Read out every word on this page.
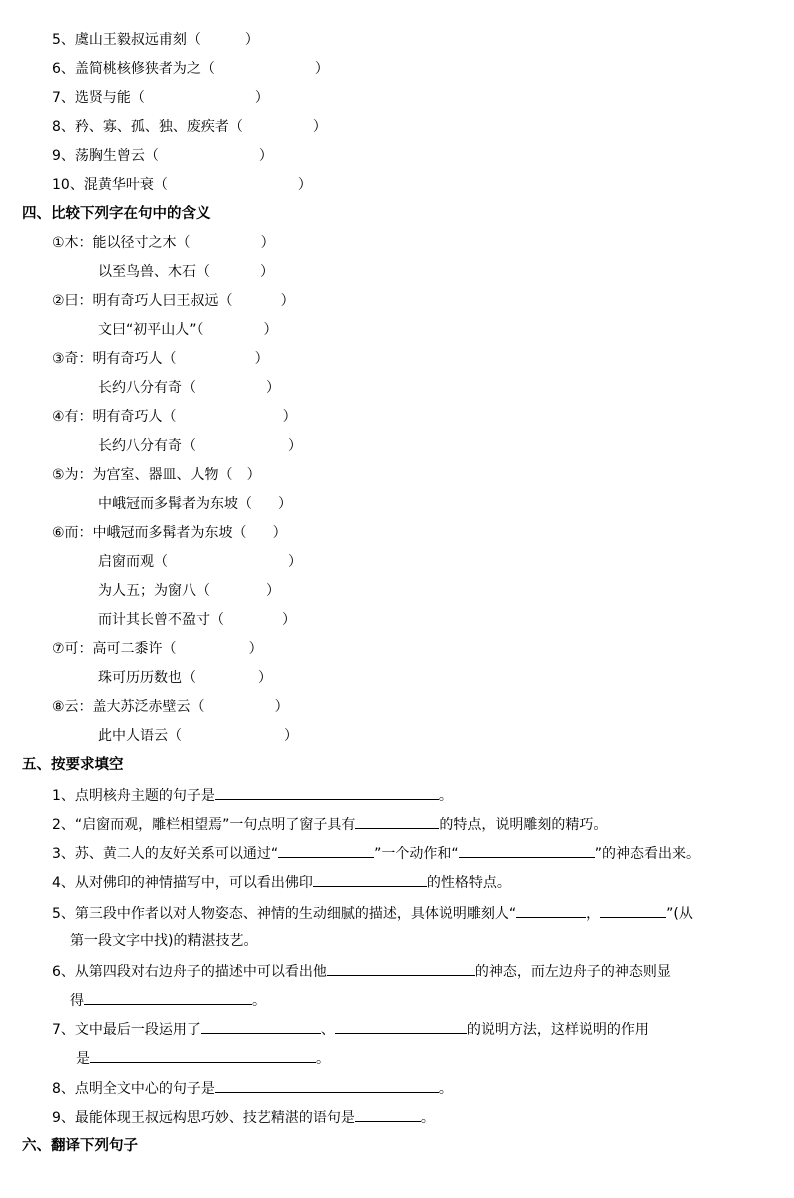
5、虞山王毅叔远甫刻（	）
6、盖简桃核修狭者为之（	）
7、选贤与能（	）
8、矜、寡、孤、独、废疾者（	）
9、荡胸生曾云（	）
10、混黄华叶衰（	）
四、比较下列字在句中的含义
①木：能以径寸之木（	）
以至鸟兽、木石（	）
②曰：明有奇巧人曰王叔远（	）
文曰“初平山人”（	）
③奇：明有奇巧人（	）
长约八分有奇（	）
④有：明有奇巧人（	）
长约八分有奇（	）
⑤为：为宫室、器皿、人物（ ）
中峨冠而多髯者为东坡（ ）
⑥而：中峨冠而多髯者为东坡（ ）
启窗而观（	）
为人五；为窗八（	）
而计其长曾不盈寸（	）
⑦可：高可二黍许（	）
珠可历历数也（	）
⑧云：盖大苏泛赤壁云（	）
此中人语云（	）
五、按要求填空
1、点明核舟主题的句子是	。
2、“启窗而观，雕栏相望焉”一句点明了窗子具有	的特点，说明雕刻的精巧。
3、苏、黄二人的友好关系可以通过“	”一个动作和“	”的神态看出来。
4、从对佛印的神情描写中，可以看出佛印	的性格特点。
5、第三段中作者以对人物姿态、神情的生动细腻的描述，具体说明雕刻人“	，	”(从
第一段文字中找)的精湛技艺。
6、从第四段对右边舟子的描述中可以看出他	的神态，而左边舟子的神态则显
得	。
7、文中最后一段运用了	、	的说明方法，这样说明的作用
是	。
8、点明全文中心的句子是	。
9、最能体现王叔远构思巧妙、技艺精湛的语句是	。
六、翻译下列句子
